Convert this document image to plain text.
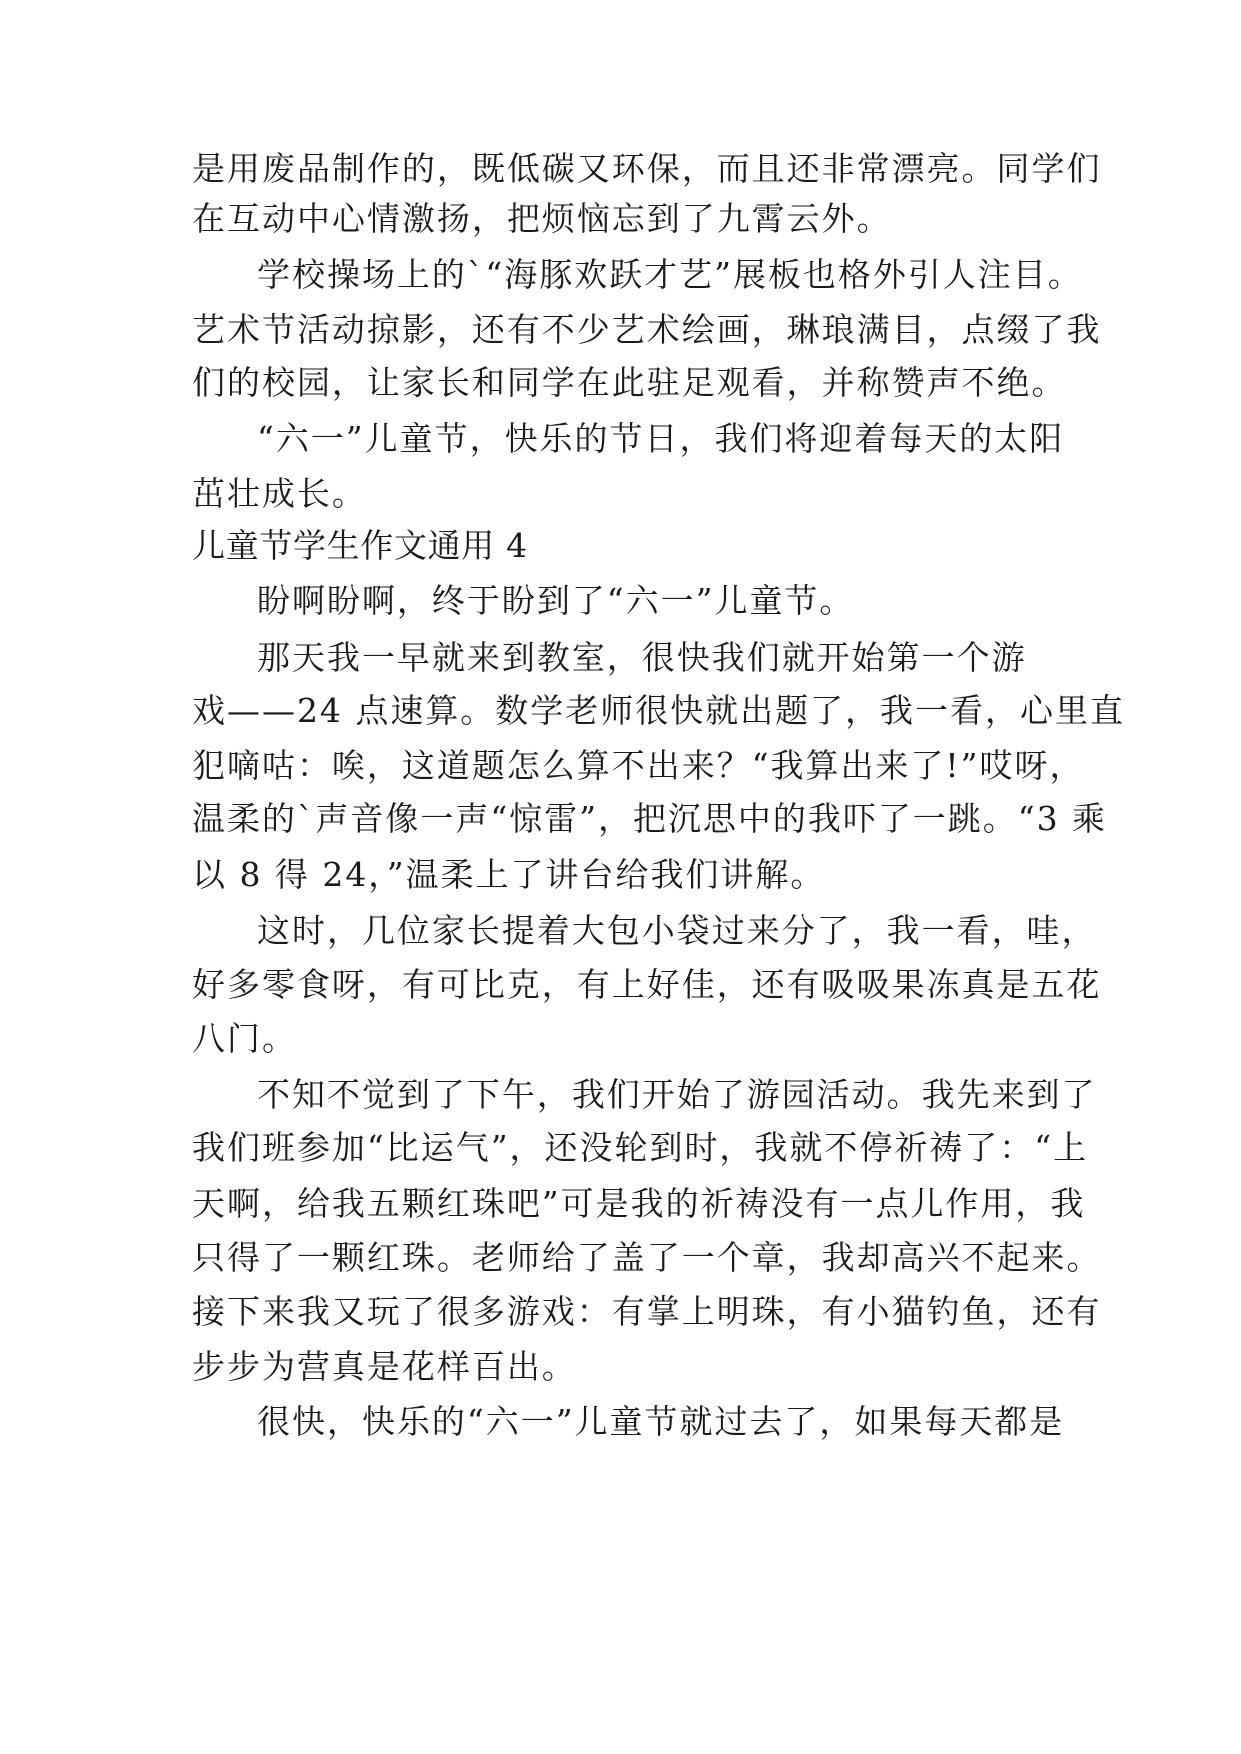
是用废品制作的，既低碳又环保，而且还非常漂亮。同学们
在互动中心情激扬，把烦恼忘到了九霄云外。
学校操场上的`“海豚欢跃才艺”展板也格外引人注目。
艺术节活动掠影，还有不少艺术绘画，琳琅满目，点缀了我
们的校园，让家长和同学在此驻足观看，并称赞声不绝。
“六一”儿童节，快乐的节日，我们将迎着每天的太阳
茁壮成长。
儿童节学生作文通用 4
盼啊盼啊，终于盼到了“六一”儿童节。
那天我一早就来到教室，很快我们就开始第一个游
戏——24 点速算。数学老师很快就出题了，我一看，心里直
犯嘀咕：唉，这道题怎么算不出来？“我算出来了!”哎呀，
温柔的`声音像一声“惊雷”，把沉思中的我吓了一跳。“3 乘
以 8 得 24，”温柔上了讲台给我们讲解。
这时，几位家长提着大包小袋过来分了，我一看，哇，
好多零食呀，有可比克，有上好佳，还有吸吸果冻真是五花
八门。
不知不觉到了下午，我们开始了游园活动。我先来到了
我们班参加“比运气”，还没轮到时，我就不停祈祷了：“上
天啊，给我五颗红珠吧”可是我的祈祷没有一点儿作用，我
只得了一颗红珠。老师给了盖了一个章，我却高兴不起来。
接下来我又玩了很多游戏：有掌上明珠，有小猫钓鱼，还有
步步为营真是花样百出。
很快，快乐的“六一”儿童节就过去了，如果每天都是
